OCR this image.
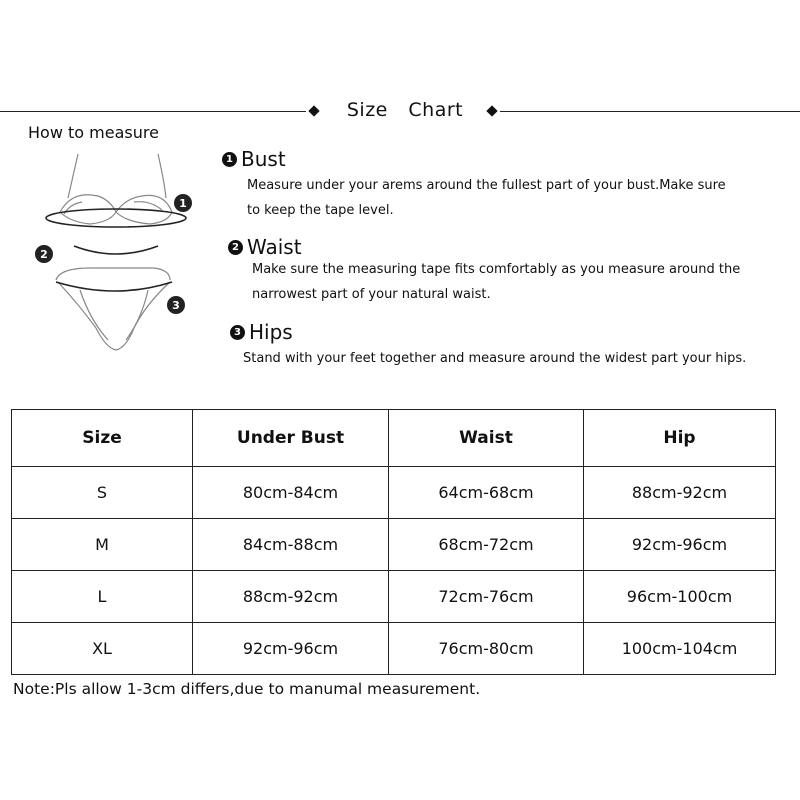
Size Chart
How to measure
1
2
3
1 Bust
Measure under your arems around the fullest part of your bust.Make sure
to keep the tape level.
2 Waist
Make sure the measuring tape fits comfortably as you measure around the
narrowest part of your natural waist.
3 Hips
Stand with your feet together and measure around the widest part your hips.
Size	Under Bust	Waist	Hip
S	80cm-84cm	64cm-68cm	88cm-92cm
M	84cm-88cm	68cm-72cm	92cm-96cm
L	88cm-92cm	72cm-76cm	96cm-100cm
XL	92cm-96cm	76cm-80cm	100cm-104cm
Note:Pls allow 1-3cm differs,due to manumal measurement.
